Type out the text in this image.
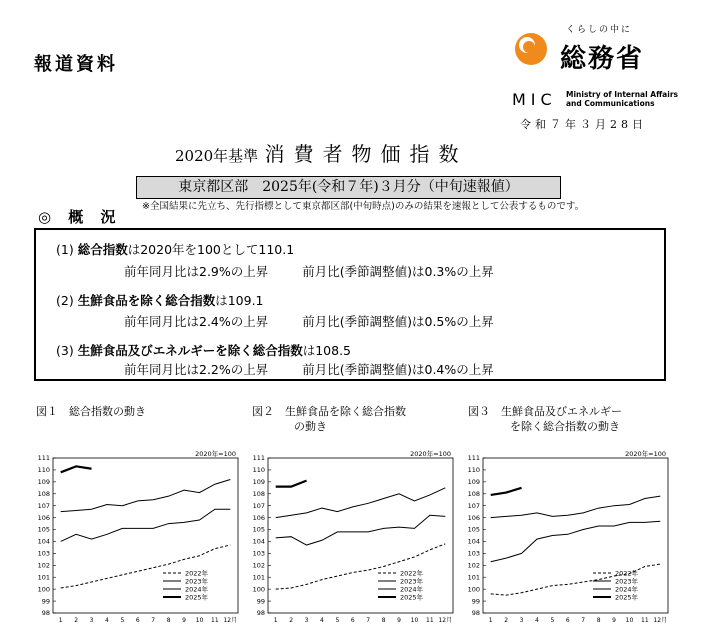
報道資料
くらしの中に
総務省
MIC Ministry of Internal Affairs
and Communications
令和７年３月28日
2020年基準 消費者物価指数
東京都区部　2025年(令和７年)３月分（中旬速報値）
※全国結果に先立ち、先行指標として東京都区部(中旬時点)のみの結果を速報として公表するものです。
◎ 概 況
(1) 総合指数は2020年を100として110.1
前年同月比は2.9%の上昇	前月比(季節調整値)は0.3%の上昇
(2) 生鮮食品を除く総合指数は109.1
前年同月比は2.4%の上昇	前月比(季節調整値)は0.5%の上昇
(3) 生鮮食品及びエネルギーを除く総合指数は108.5
前年同月比は2.2%の上昇	前月比(季節調整値)は0.4%の上昇
図１　総合指数の動き	図２　生鮮食品を除く総合指数
の動き
図３　生鮮食品及びエネルギー
を除く総合指数の動き
2020年=100
98
99
100
101
102
103
104
105
106
107
108
109
110
111
1 2 3 4 5 6 7 8 9 10 11 12月
2022年
2023年
2024年
2025年
2020年=100
98
99
100
101
102
103
104
105
106
107
108
109
110
111
1 2 3 4 5 6 7 8 9 10 11 12月
2022年
2023年
2024年
2025年
2020年=100
98
99
100
101
102
103
104
105
106
107
108
109
110
111
1 2 3 4 5 6 7 8 9 10 11 12月
2022年
2023年
2024年
2025年
